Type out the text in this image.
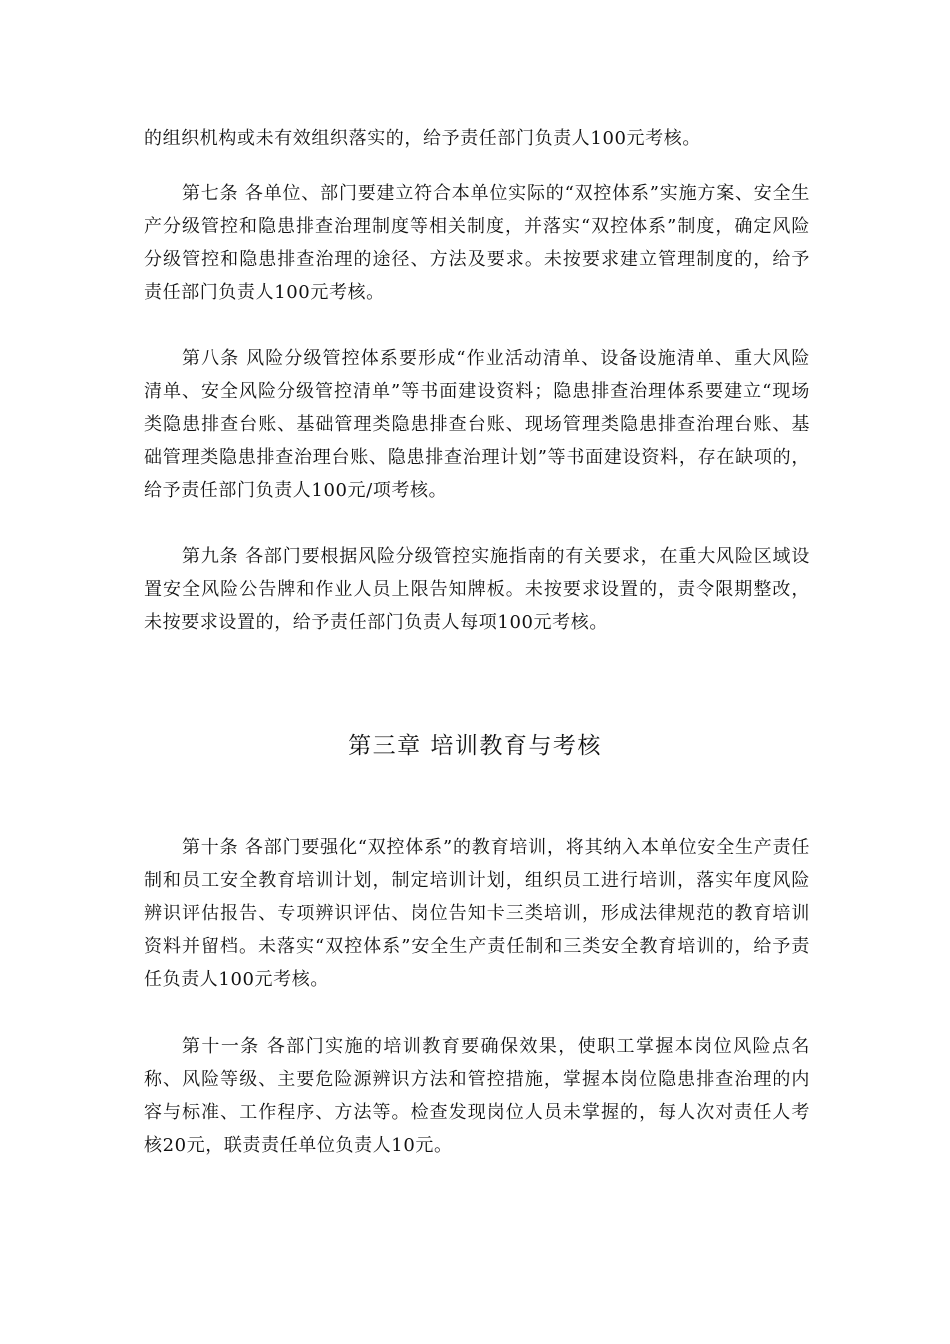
的组织机构或未有效组织落实的，给予责任部门负责人100元考核。

第七条 各单位、部门要建立符合本单位实际的“双控体系”实施方案、安全生产分级管控和隐患排查治理制度等相关制度，并落实“双控体系”制度，确定风险分级管控和隐患排查治理的途径、方法及要求。未按要求建立管理制度的，给予责任部门负责人100元考核。

第八条 风险分级管控体系要形成“作业活动清单、设备设施清单、重大风险清单、安全风险分级管控清单”等书面建设资料；隐患排查治理体系要建立“现场类隐患排查台账、基础管理类隐患排查台账、现场管理类隐患排查治理台账、基础管理类隐患排查治理台账、隐患排查治理计划”等书面建设资料，存在缺项的，给予责任部门负责人100元/项考核。

第九条 各部门要根据风险分级管控实施指南的有关要求，在重大风险区域设置安全风险公告牌和作业人员上限告知牌板。未按要求设置的，责令限期整改，未按要求设置的，给予责任部门负责人每项100元考核。

第三章 培训教育与考核

第十条 各部门要强化“双控体系”的教育培训，将其纳入本单位安全生产责任制和员工安全教育培训计划，制定培训计划，组织员工进行培训，落实年度风险辨识评估报告、专项辨识评估、岗位告知卡三类培训，形成法律规范的教育培训资料并留档。未落实“双控体系”安全生产责任制和三类安全教育培训的，给予责任负责人100元考核。

第十一条 各部门实施的培训教育要确保效果，使职工掌握本岗位风险点名称、风险等级、主要危险源辨识方法和管控措施，掌握本岗位隐患排查治理的内容与标准、工作程序、方法等。检查发现岗位人员未掌握的，每人次对责任人考核20元，联责责任单位负责人10元。
